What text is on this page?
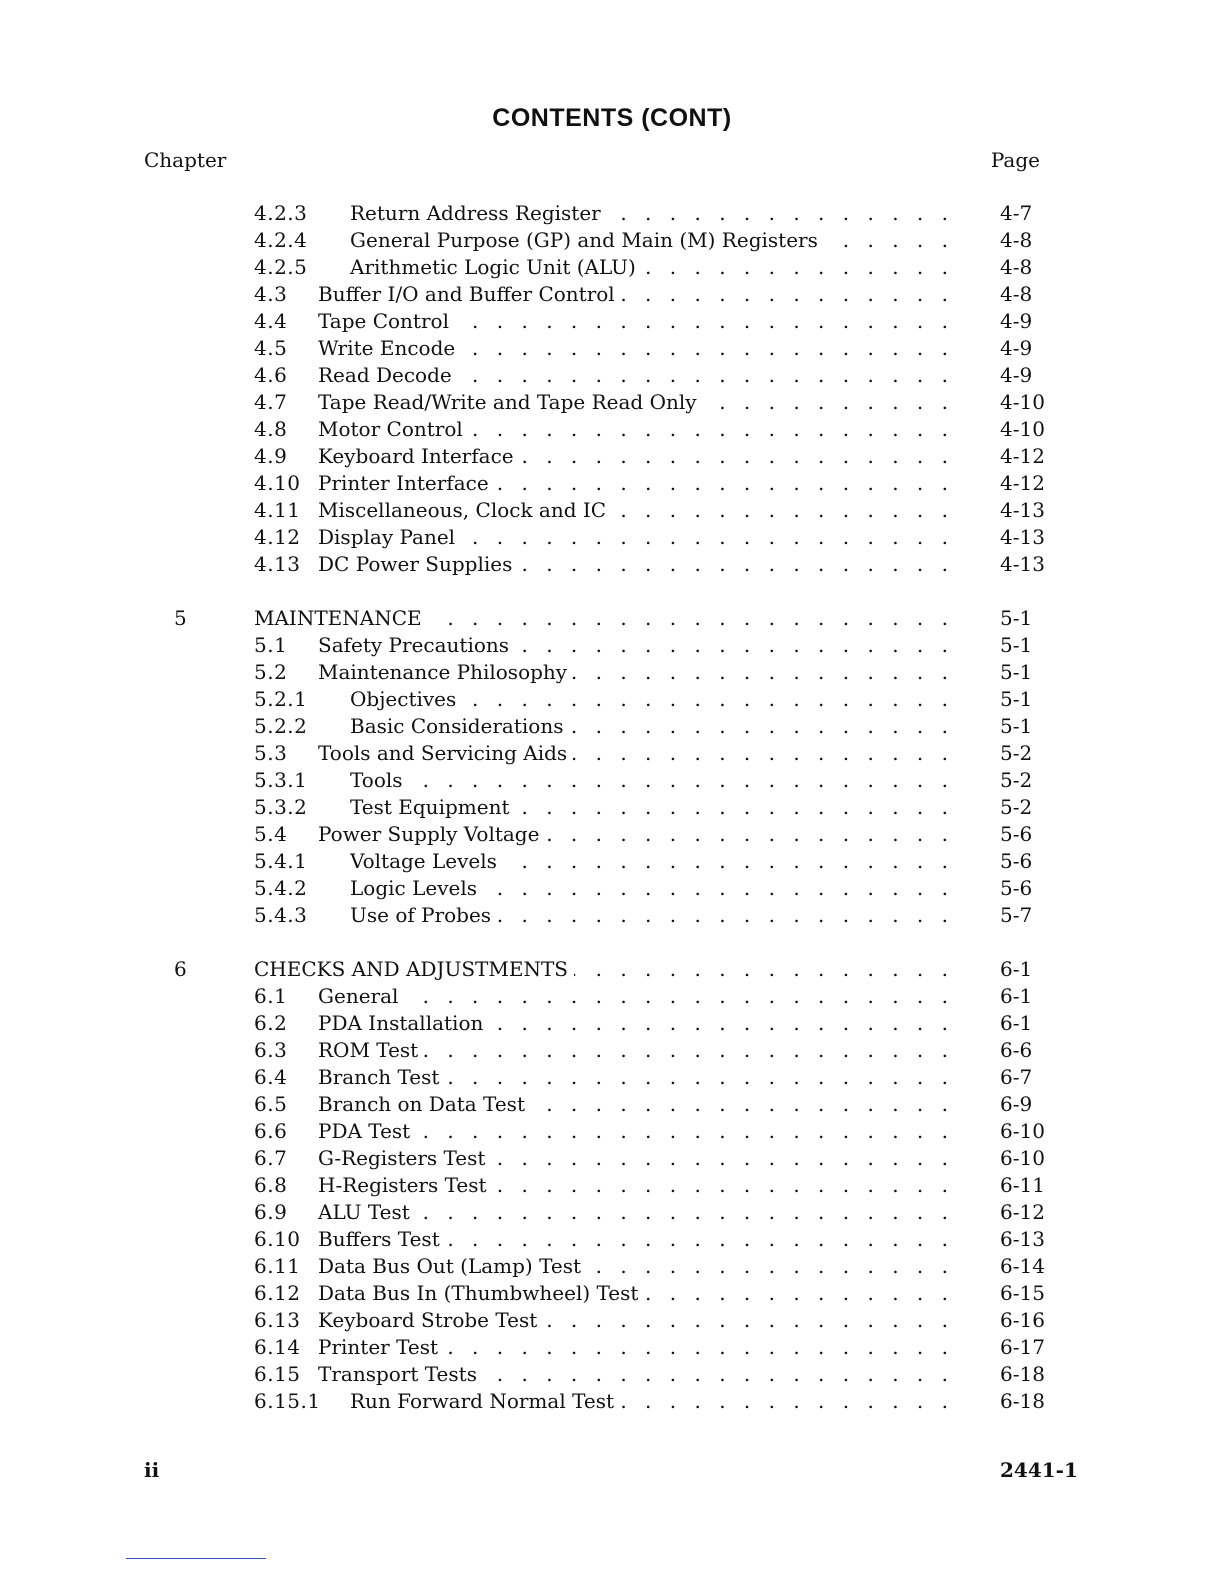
CONTENTS (CONT)
Chapter	Page
4.2.3 Return Address Register . . .	4-7
4.2.4 General Purpose (GP) and Main (M) Registers . . .	4-8
4.2.5 Arithmetic Logic Unit (ALU) . . .	4-8
4.3 Buffer I/O and Buffer Control . . .	4-8
4.4 Tape Control . . .	4-9
4.5 Write Encode . . .	4-9
4.6 Read Decode . . .	4-9
4.7 Tape Read/Write and Tape Read Only . . .	4-10
4.8 Motor Control . . .	4-10
4.9 Keyboard Interface . . .	4-12
4.10 Printer Interface . . .	4-12
4.11 Miscellaneous, Clock and IC . . .	4-13
4.12 Display Panel . . .	4-13
4.13 DC Power Supplies . . .	4-13
5	MAINTENANCE . . .	5-1
5.1 Safety Precautions . . .	5-1
5.2 Maintenance Philosophy . . .	5-1
5.2.1 Objectives . . .	5-1
5.2.2 Basic Considerations . . .	5-1
5.3 Tools and Servicing Aids . . .	5-2
5.3.1 Tools . . .	5-2
5.3.2 Test Equipment . . .	5-2
5.4 Power Supply Voltage . . .	5-6
5.4.1 Voltage Levels . . .	5-6
5.4.2 Logic Levels . . .	5-6
5.4.3 Use of Probes . . .	5-7
6	CHECKS AND ADJUSTMENTS . . .	6-1
6.1 General . . .	6-1
6.2 PDA Installation . . .	6-1
6.3 ROM Test . . .	6-6
6.4 Branch Test . . .	6-7
6.5 Branch on Data Test . . .	6-9
6.6 PDA Test . . .	6-10
6.7 G-Registers Test . . .	6-10
6.8 H-Registers Test . . .	6-11
6.9 ALU Test . . .	6-12
6.10 Buffers Test . . .	6-13
6.11 Data Bus Out (Lamp) Test . . .	6-14
6.12 Data Bus In (Thumbwheel) Test . . .	6-15
6.13 Keyboard Strobe Test . . .	6-16
6.14 Printer Test . . .	6-17
6.15 Transport Tests . . .	6-18
6.15.1 Run Forward Normal Test . . .	6-18
ii	2441-1
